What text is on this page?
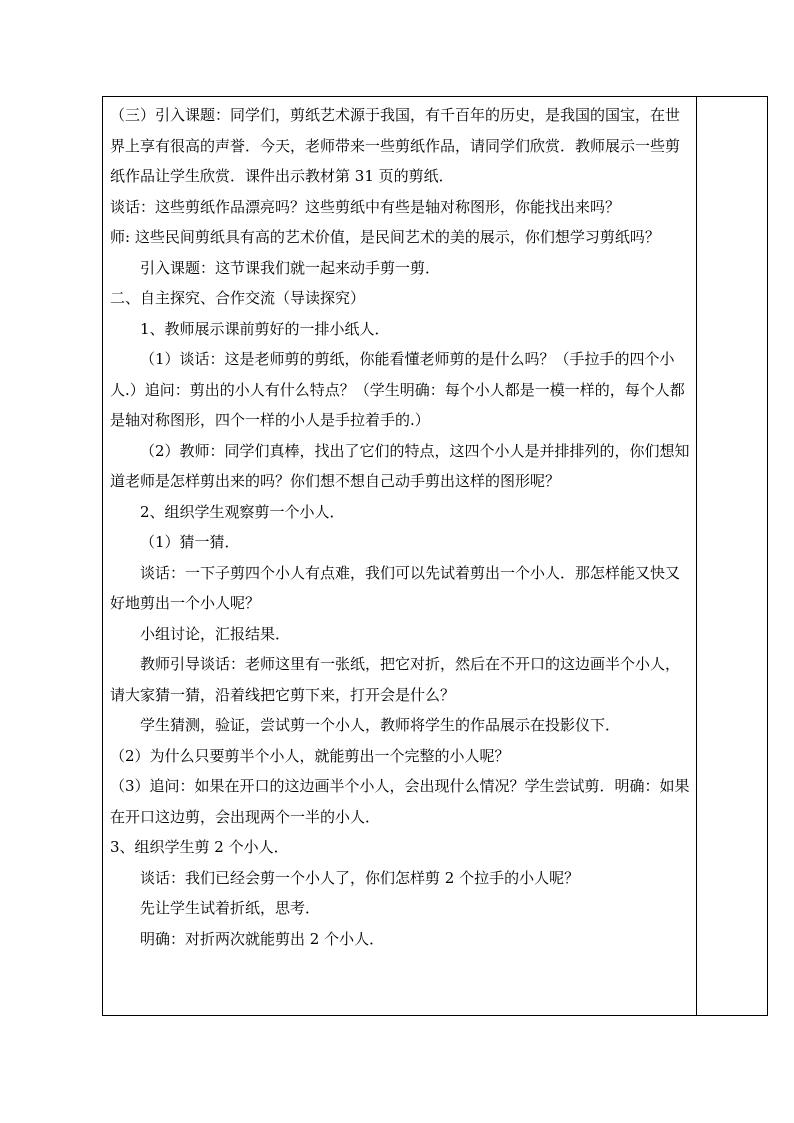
（三）引入课题：同学们，剪纸艺术源于我国，有千百年的历史，是我国的国宝，在世界上享有很高的声誉．今天，老师带来一些剪纸作品，请同学们欣赏．教师展示一些剪纸作品让学生欣赏．课件出示教材第 31 页的剪纸．

谈话：这些剪纸作品漂亮吗？这些剪纸中有些是轴对称图形，你能找出来吗？

师: 这些民间剪纸具有高的艺术价值，是民间艺术的美的展示，你们想学习剪纸吗？

引入课题：这节课我们就一起来动手剪一剪．

二、自主探究、合作交流（导读探究）

1、教师展示课前剪好的一排小纸人．

（1）谈话：这是老师剪的剪纸，你能看懂老师剪的是什么吗？（手拉手的四个小人.）追问：剪出的小人有什么特点？（学生明确：每个小人都是一模一样的，每个人都是轴对称图形，四个一样的小人是手拉着手的.）

（2）教师：同学们真棒，找出了它们的特点，这四个小人是并排排列的，你们想知道老师是怎样剪出来的吗？你们想不想自己动手剪出这样的图形呢？

2、组织学生观察剪一个小人．

（1）猜一猜．

谈话：一下子剪四个小人有点难，我们可以先试着剪出一个小人．那怎样能又快又好地剪出一个小人呢？

小组讨论，汇报结果．

教师引导谈话：老师这里有一张纸，把它对折，然后在不开口的这边画半个小人，请大家猜一猜，沿着线把它剪下来，打开会是什么？

学生猜测，验证，尝试剪一个小人，教师将学生的作品展示在投影仪下．

（2）为什么只要剪半个小人，就能剪出一个完整的小人呢？

（3）追问：如果在开口的这边画半个小人，会出现什么情况？学生尝试剪．明确：如果在开口这边剪，会出现两个一半的小人．

3、组织学生剪 2 个小人．

谈话：我们已经会剪一个小人了，你们怎样剪 2 个拉手的小人呢？

先让学生试着折纸，思考．

明确：对折两次就能剪出 2 个小人．
